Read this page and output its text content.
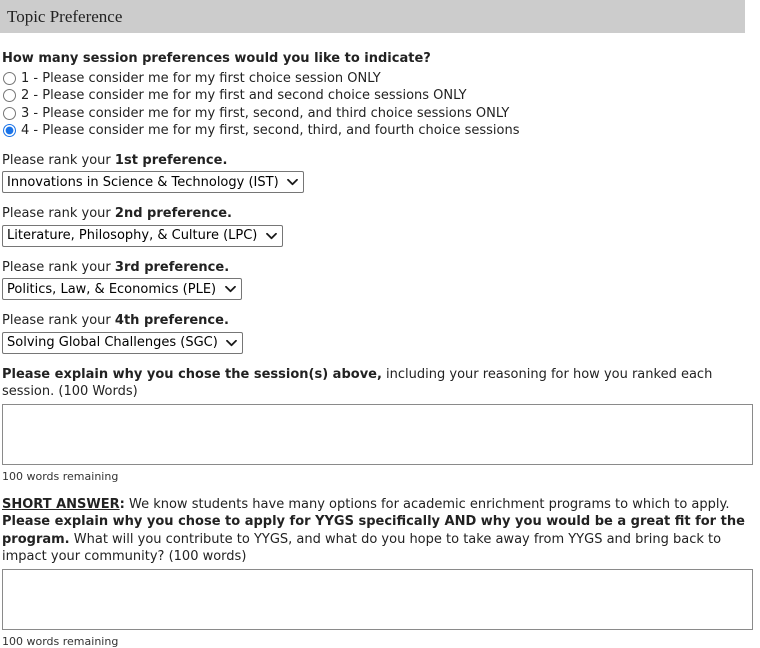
Topic Preference
How many session preferences would you like to indicate?
1 - Please consider me for my first choice session ONLY
2 - Please consider me for my first and second choice sessions ONLY
3 - Please consider me for my first, second, and third choice sessions ONLY
4 - Please consider me for my first, second, third, and fourth choice sessions
Please rank your 1st preference.
Innovations in Science & Technology (IST)
Please rank your 2nd preference.
Literature, Philosophy, & Culture (LPC)
Please rank your 3rd preference.
Politics, Law, & Economics (PLE)
Please rank your 4th preference.
Solving Global Challenges (SGC)

Please explain why you chose the session(s) above, including your reasoning for how you ranked each session. (100 Words)

100 words remaining

SHORT ANSWER: We know students have many options for academic enrichment programs to which to apply. Please explain why you chose to apply for YYGS specifically AND why you would be a great fit for the program. What will you contribute to YYGS, and what do you hope to take away from YYGS and bring back to impact your community? (100 words)

100 words remaining
